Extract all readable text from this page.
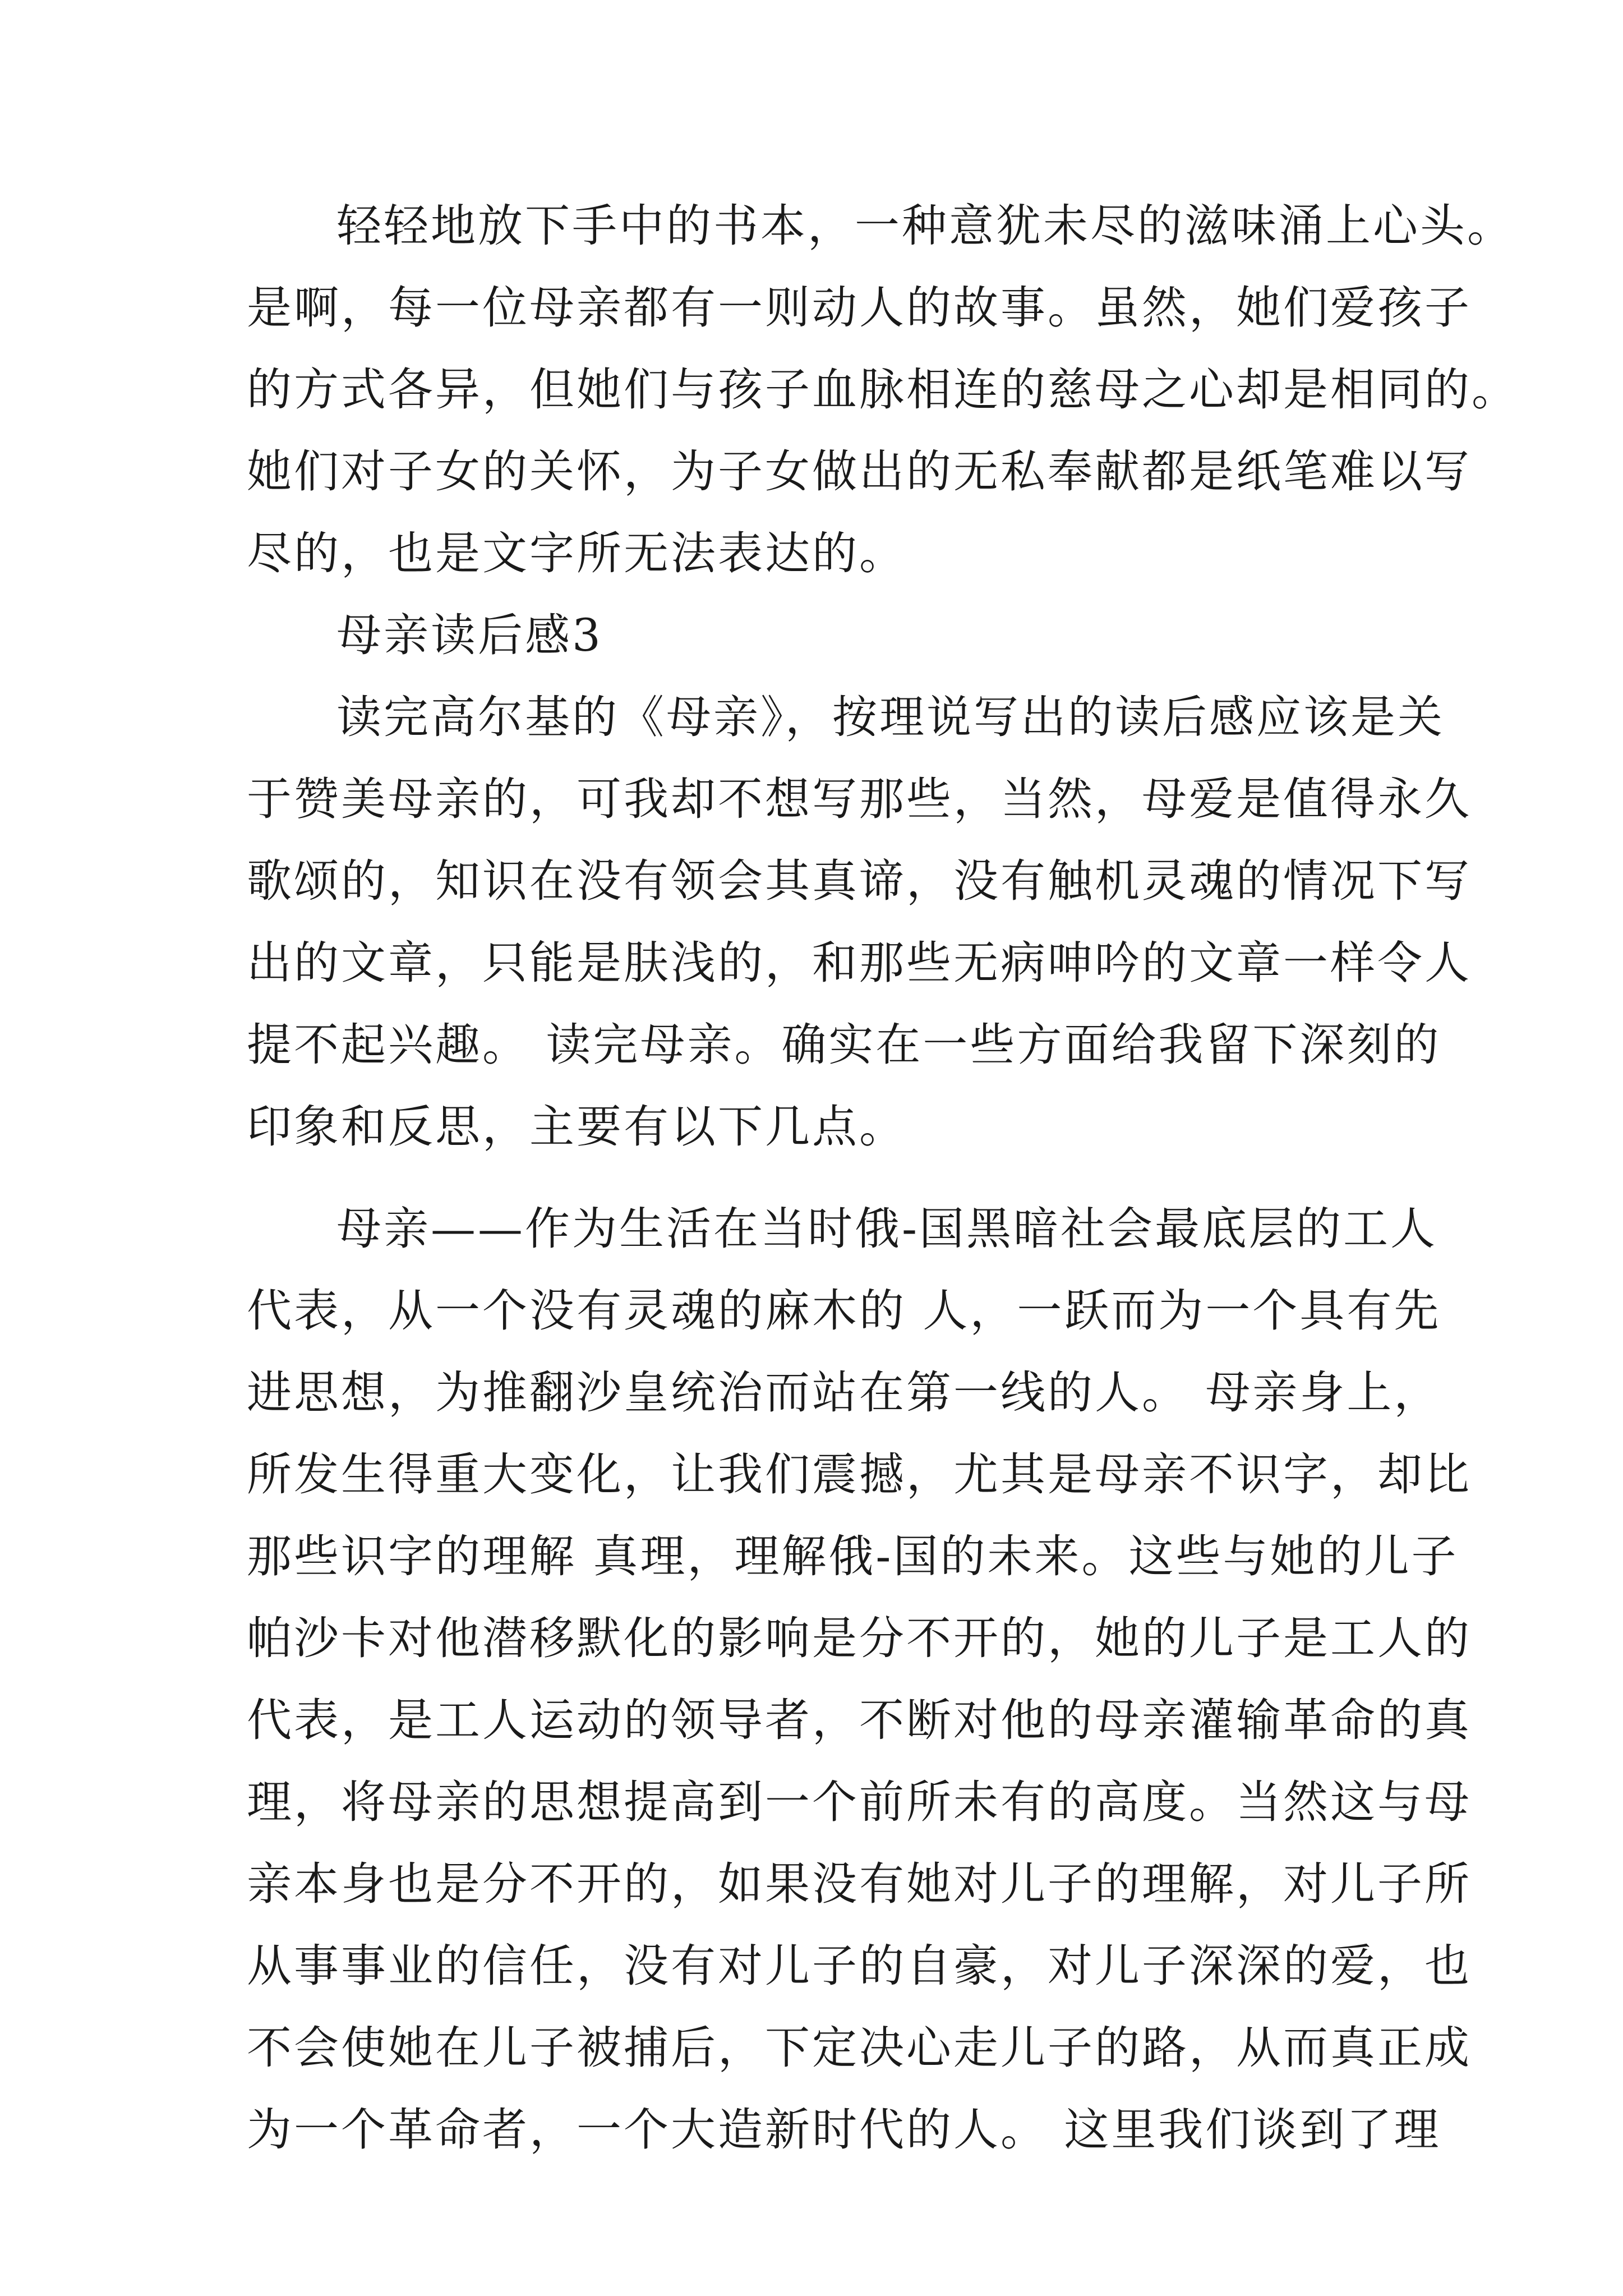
轻轻地放下手中的书本，一种意犹未尽的滋味涌上心头。
是啊，每一位母亲都有一则动人的故事。虽然，她们爱孩子
的方式各异，但她们与孩子血脉相连的慈母之心却是相同的。
她们对子女的关怀，为子女做出的无私奉献都是纸笔难以写
尽的，也是文字所无法表达的。
母亲读后感3
读完高尔基的《母亲》，按理说写出的读后感应该是关
于赞美母亲的，可我却不想写那些，当然，母爱是值得永久
歌颂的，知识在没有领会其真谛，没有触机灵魂的情况下写
出的文章，只能是肤浅的，和那些无病呻吟的文章一样令人
提不起兴趣。 读完母亲。确实在一些方面给我留下深刻的
印象和反思，主要有以下几点。
母亲——作为生活在当时俄-国黑暗社会最底层的工人
代表，从一个没有灵魂的麻木的 人，一跃而为一个具有先
进思想，为推翻沙皇统治而站在第一线的人。 母亲身上，
所发生得重大变化，让我们震撼，尤其是母亲不识字，却比
那些识字的理解 真理，理解俄-国的未来。这些与她的儿子
帕沙卡对他潜移默化的影响是分不开的，她的儿子是工人的
代表，是工人运动的领导者，不断对他的母亲灌输革命的真
理，将母亲的思想提高到一个前所未有的高度。当然这与母
亲本身也是分不开的，如果没有她对儿子的理解，对儿子所
从事事业的信任，没有对儿子的自豪，对儿子深深的爱，也
不会使她在儿子被捕后，下定决心走儿子的路，从而真正成
为一个革命者，一个大造新时代的人。 这里我们谈到了理
